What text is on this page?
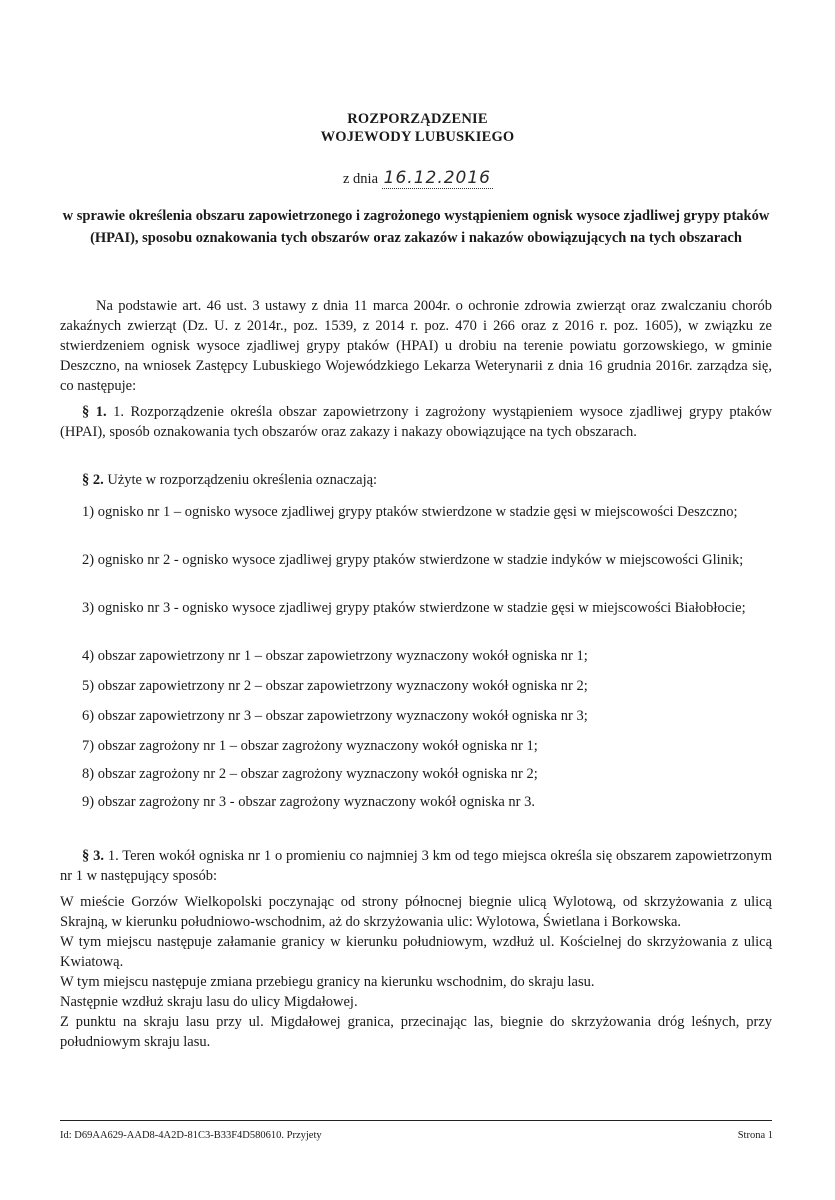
ROZPORZĄDZENIE
WOJEWODY LUBUSKIEGO
z dnia 16.12.2016
w sprawie określenia obszaru zapowietrzonego i zagrożonego wystąpieniem ognisk wysoce zjadliwej grypy ptaków (HPAI), sposobu oznakowania tych obszarów oraz zakazów i nakazów obowiązujących na tych obszarach
Na podstawie art. 46 ust. 3 ustawy z dnia 11 marca 2004r. o ochronie zdrowia zwierząt oraz zwalczaniu chorób zakaźnych zwierząt (Dz. U. z 2014r., poz. 1539, z 2014 r. poz. 470 i 266 oraz z 2016 r. poz. 1605), w związku ze stwierdzeniem ognisk wysoce zjadliwej grypy ptaków (HPAI) u drobiu na terenie powiatu gorzowskiego, w gminie Deszczno, na wniosek Zastępcy Lubuskiego Wojewódzkiego Lekarza Weterynarii z dnia 16 grudnia 2016r. zarządza się, co następuje:
§ 1. 1. Rozporządzenie określa obszar zapowietrzony i zagrożony wystąpieniem wysoce zjadliwej grypy ptaków (HPAI), sposób oznakowania tych obszarów oraz zakazy i nakazy obowiązujące na tych obszarach.
§ 2. Użyte w rozporządzeniu określenia oznaczają:
1) ognisko nr 1 – ognisko wysoce zjadliwej grypy ptaków stwierdzone w stadzie gęsi w miejscowości Deszczno;
2) ognisko nr 2 - ognisko wysoce zjadliwej grypy ptaków stwierdzone w stadzie indyków w miejscowości Glinik;
3) ognisko nr 3 - ognisko wysoce zjadliwej grypy ptaków stwierdzone w stadzie gęsi w miejscowości Białobłocie;
4) obszar zapowietrzony nr 1 – obszar zapowietrzony wyznaczony wokół ogniska nr 1;
5) obszar zapowietrzony nr 2 – obszar zapowietrzony wyznaczony wokół ogniska nr 2;
6) obszar zapowietrzony nr 3 – obszar zapowietrzony wyznaczony wokół ogniska nr 3;
7) obszar zagrożony nr 1 – obszar zagrożony wyznaczony wokół ogniska nr 1;
8) obszar zagrożony nr 2 – obszar zagrożony wyznaczony wokół ogniska nr 2;
9) obszar zagrożony nr 3 - obszar zagrożony wyznaczony wokół ogniska nr 3.
§ 3. 1. Teren wokół ogniska nr 1 o promieniu co najmniej 3 km od tego miejsca określa się obszarem zapowietrzonym nr 1 w następujący sposób:
W mieście Gorzów Wielkopolski poczynając od strony północnej biegnie ulicą Wylotową, od skrzyżowania z ulicą Skrajną, w kierunku południowo-wschodnim, aż do skrzyżowania ulic: Wylotowa, Świetlana i Borkowska.
W tym miejscu następuje załamanie granicy w kierunku południowym, wzdłuż ul. Kościelnej do skrzyżowania z ulicą Kwiatową.
W tym miejscu następuje zmiana przebiegu granicy na kierunku wschodnim, do skraju lasu.
Następnie wzdłuż skraju lasu do ulicy Migdałowej.
Z punktu na skraju lasu przy ul. Migdałowej granica, przecinając las, biegnie do skrzyżowania dróg leśnych, przy południowym skraju lasu.
Id: D69AA629-AAD8-4A2D-81C3-B33F4D580610. Przyjety	Strona 1
